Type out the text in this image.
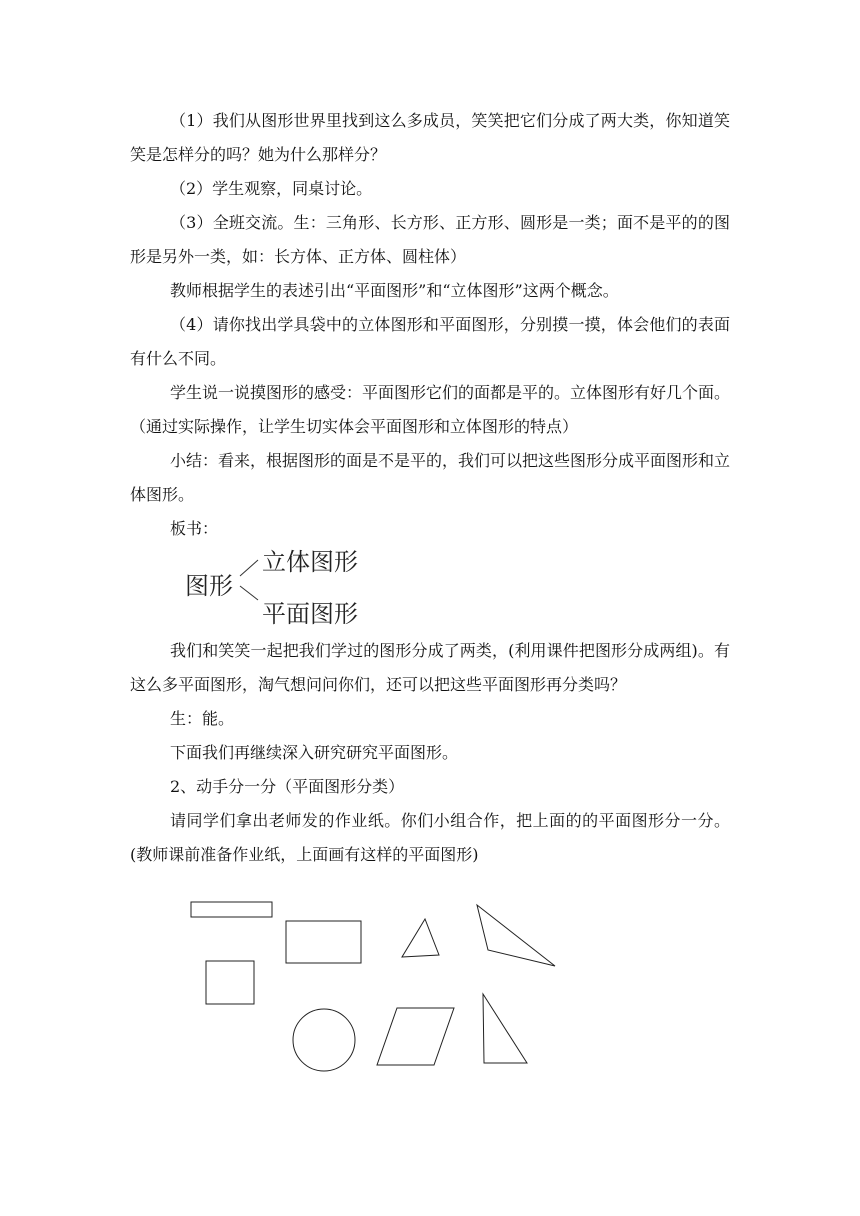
（1）我们从图形世界里找到这么多成员，笑笑把它们分成了两大类，你知道笑笑是怎样分的吗？她为什么那样分？

（2）学生观察，同桌讨论。

（3）全班交流。生：三角形、长方形、正方形、圆形是一类；面不是平的的图形是另外一类，如：长方体、正方体、圆柱体）

教师根据学生的表述引出“平面图形”和“立体图形”这两个概念。

（4）请你找出学具袋中的立体图形和平面图形，分别摸一摸，体会他们的表面有什么不同。

学生说一说摸图形的感受：平面图形它们的面都是平的。立体图形有好几个面。 （通过实际操作，让学生切实体会平面图形和立体图形的特点）

小结：看来，根据图形的面是不是平的，我们可以把这些图形分成平面图形和立体图形。

板书：

图形
立体图形
平面图形

我们和笑笑一起把我们学过的图形分成了两类，(利用课件把图形分成两组)。有这么多平面图形，淘气想问问你们，还可以把这些平面图形再分类吗？

生：能。

下面我们再继续深入研究研究平面图形。

2、动手分一分（平面图形分类）

请同学们拿出老师发的作业纸。你们小组合作，把上面的的平面图形分一分。(教师课前准备作业纸，上面画有这样的平面图形)
